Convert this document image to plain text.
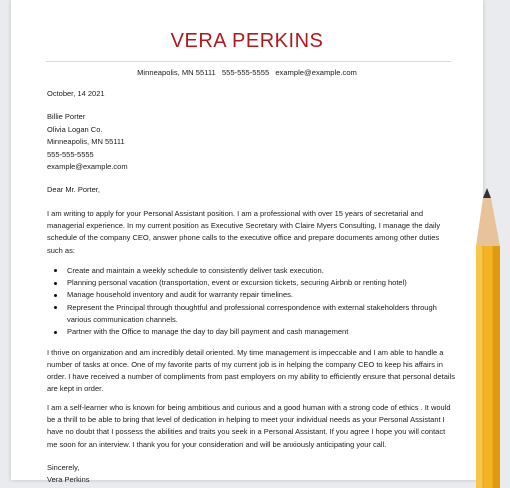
VERA PERKINS
Minneapolis, MN 55111 555-555-5555 example@example.com

October, 14 2021

Billie Porter
Olivia Logan Co.
Minneapolis, MN 55111
555-555-5555
example@example.com

Dear Mr. Porter,

I am writing to apply for your Personal Assistant position. I am a professional with over 15 years of secretarial and managerial experience. In my current position as Executive Secretary with Claire Myers Consulting, I manage the daily schedule of the company CEO, answer phone calls to the executive office and prepare documents among other duties such as:

Create and maintain a weekly schedule to consistently deliver task execution.
Planning personal vacation (transportation, event or excursion tickets, securing Airbnb or renting hotel)
Manage household inventory and audit for warranty repair timelines.
Represent the Principal through thoughtful and professional correspondence with external stakeholders through various communication channels.
Partner with the Office to manage the day to day bill payment and cash management

I thrive on organization and am incredibly detail oriented. My time management is impeccable and I am able to handle a number of tasks at once. One of my favorite parts of my current job is in helping the company CEO to keep his affairs in order. I have received a number of compliments from past employers on my ability to efficiently ensure that personal details are kept in order.

I am a self-learner who is known for being ambitious and curious and a good human with a strong code of ethics . It would be a thrill to be able to bring that level of dedication in helping to meet your individual needs as your Personal Assistant I have no doubt that I possess the abilities and traits you seek in a Personal Assistant. If you agree I hope you will contact me soon for an interview. I thank you for your consideration and will be anxiously anticipating your call.

Sincerely,

Vera Perkins
